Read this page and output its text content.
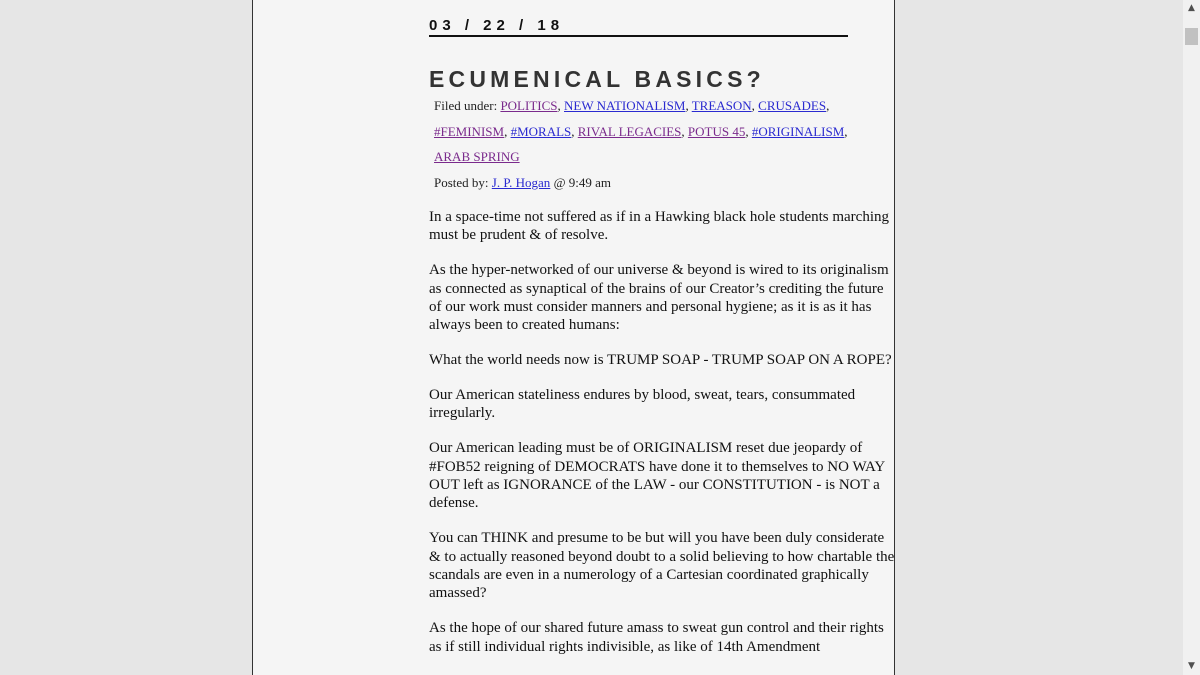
03 / 22 / 18
ECUMENICAL BASICS?
Filed under: POLITICS, NEW NATIONALISM, TREASON, CRUSADES,
#FEMINISM, #MORALS, RIVAL LEGACIES, POTUS 45, #ORIGINALISM,
ARAB SPRING
Posted by: J. P. Hogan @ 9:49 am

In a space-time not suffered as if in a Hawking black hole students marching must be prudent & of resolve.

As the hyper-networked of our universe & beyond is wired to its originalism as connected as synaptical of the brains of our Creator’s crediting the future of our work must consider manners and personal hygiene; as it is as it has always been to created humans:

What the world needs now is TRUMP SOAP - TRUMP SOAP ON A ROPE?

Our American stateliness endures by blood, sweat, tears, consummated irregularly.

Our American leading must be of ORIGINALISM reset due jeopardy of #FOB52 reigning of DEMOCRATS have done it to themselves to NO WAY OUT left as IGNORANCE of the LAW - our CONSTITUTION - is NOT a defense.

You can THINK and presume to be but will you have been duly considerate & to actually reasoned beyond doubt to a solid believing to how chartable the scandals are even in a numerology of a Cartesian coordinated graphically amassed?

As the hope of our shared future amass to sweat gun control and their rights as if still individual rights indivisible, as like of 14th Amendment

▲
▼
